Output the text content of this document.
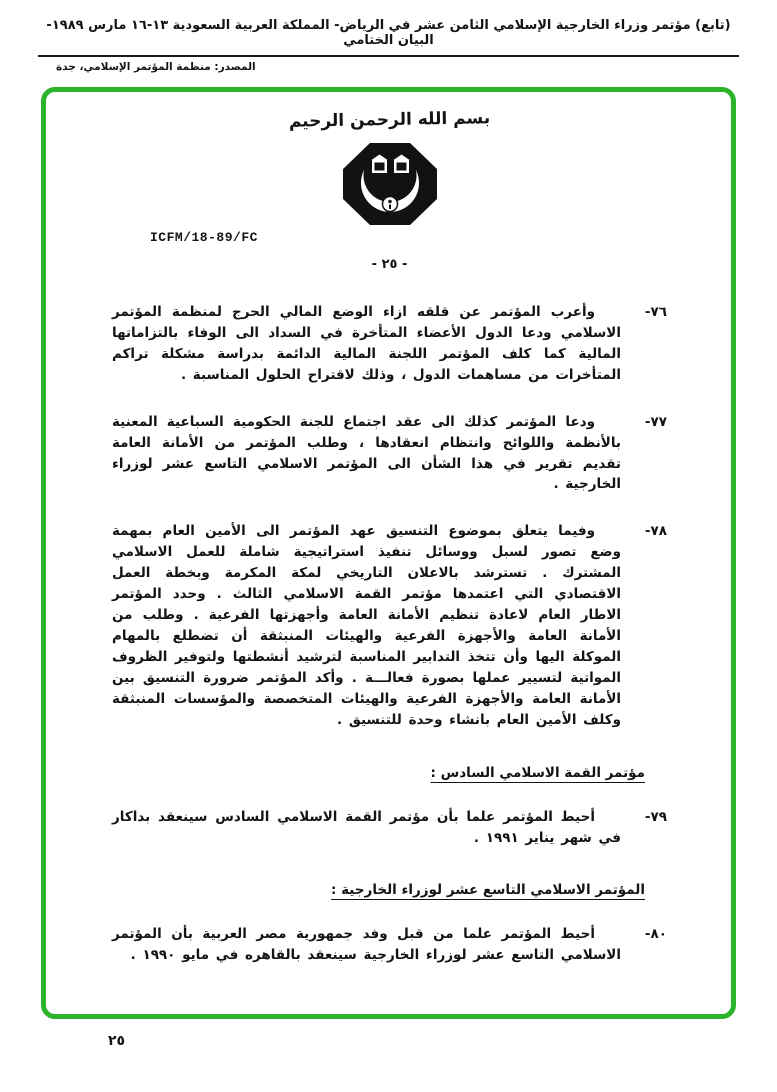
(تابع) مؤتمر وزراء الخارجية الإسلامي الثامن عشر في الرياض- المملكة العربية السعودية ١٣-١٦ مارس ١٩٨٩- البيان الختامي
المصدر: منظمة المؤتمر الإسلامي، جدة
بسم الله الرحمن الرحيم
ICFM/18-89/FC
- ٢٥ -
٧٦-
وأعرب المؤتمر عن قلقه ازاء الوضع المالي الحرج لمنظمة المؤتمر الاسلامي ودعا الدول الأعضاء المتأخرة في السداد الى الوفاء بالتزاماتها المالية كما كلف المؤتمر اللجنة المالية الدائمة بدراسة مشكلة تراكم المتأخرات من مساهمات الدول ، وذلك لاقتراح الحلول المناسبة .
٧٧-
ودعا المؤتمر كذلك الى عقد اجتماع للجنة الحكومية السباعية المعنية بالأنظمة واللوائح وانتظام انعقادها ، وطلب المؤتمر من الأمانة العامة تقديم تقرير في هذا الشأن الى المؤتمر الاسلامي التاسع عشر لوزراء الخارجية .
٧٨-
وفيما يتعلق بموضوع التنسيق عهد المؤتمر الى الأمين العام بمهمة وضع تصور لسبل ووسائل تنفيذ استراتيجية شاملة للعمل الاسلامي المشترك . تسترشد بالاعلان التاريخي لمكة المكرمة وبخطة العمل الاقتصادي التي اعتمدها مؤتمر القمة الاسلامي الثالث . وحدد المؤتمر الاطار العام لاعادة تنظيم الأمانة العامة وأجهزتها الفرعية . وطلب من الأمانة العامة والأجهزة الفرعية والهيئات المنبثقة أن تضطلع بالمهام الموكلة اليها وأن تتخذ التدابير المناسبة لترشيد أنشطتها ولتوفير الظروف المواتية لتسيير عملها بصورة فعالـــة . وأكد المؤتمر ضرورة التنسيق بين الأمانة العامة والأجهزة الفرعية والهيئات المتخصصة والمؤسسات المنبثقة وكلف الأمين العام بانشاء وحدة للتنسيق .
مؤتمر القمة الاسلامي السادس :
٧٩-
أحيط المؤتمر علما بأن مؤتمر القمة الاسلامي السادس سينعقد بداكار في شهر يناير ١٩٩١ .
المؤتمر الاسلامي التاسع عشر لوزراء الخارجية :
٨٠-
أحيط المؤتمر علما من قبل وفد جمهورية مصر العربية بأن المؤتمر الاسلامي التاسع عشر لوزراء الخارجية سينعقد بالقاهره في مايو ١٩٩٠ .
٢٥
